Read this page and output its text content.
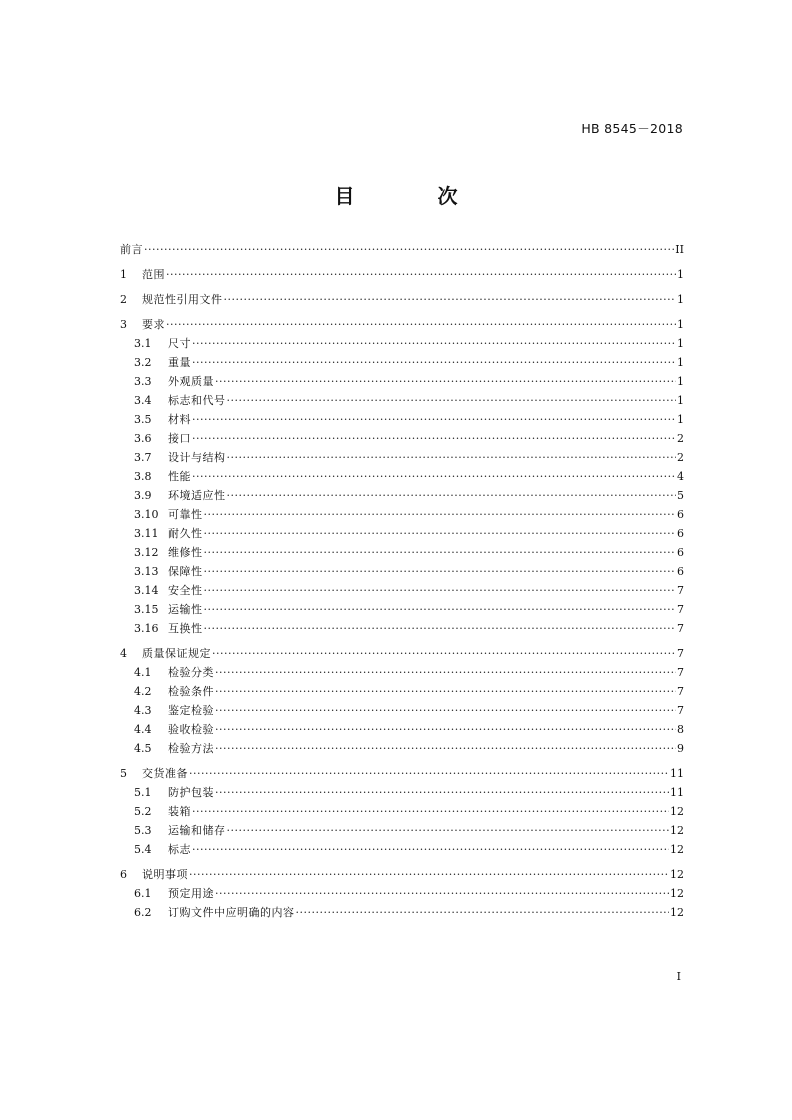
HB 8545－2018
目 次
前言 ·····	II
1	范围 ·····	1
2	规范性引用文件 ·····	1
3	要求 ·····	1
3.1	尺寸 ·····	1
3.2	重量 ·····	1
3.3	外观质量 ·····	1
3.4	标志和代号 ·····	1
3.5	材料 ·····	1
3.6	接口 ·····	2
3.7	设计与结构 ·····	2
3.8	性能 ·····	4
3.9	环境适应性 ·····	5
3.10 可靠性 ·····	6
3.11 耐久性 ·····	6
3.12 维修性 ·····	6
3.13 保障性 ·····	6
3.14 安全性 ·····	7
3.15 运输性 ·····	7
3.16 互换性 ·····	7
4	质量保证规定 ·····	7
4.1	检验分类 ·····	7
4.2	检验条件 ·····	7
4.3	鉴定检验 ·····	7
4.4	验收检验 ·····	8
4.5	检验方法 ·····	9
5	交货准备 ·····	11
5.1	防护包装 ·····	11
5.2	装箱 ·····	12
5.3	运输和储存 ·····	12
5.4	标志 ·····	12
6	说明事项 ·····	12
6.1	预定用途 ·····	12
6.2	订购文件中应明确的内容 ·····	12
I
